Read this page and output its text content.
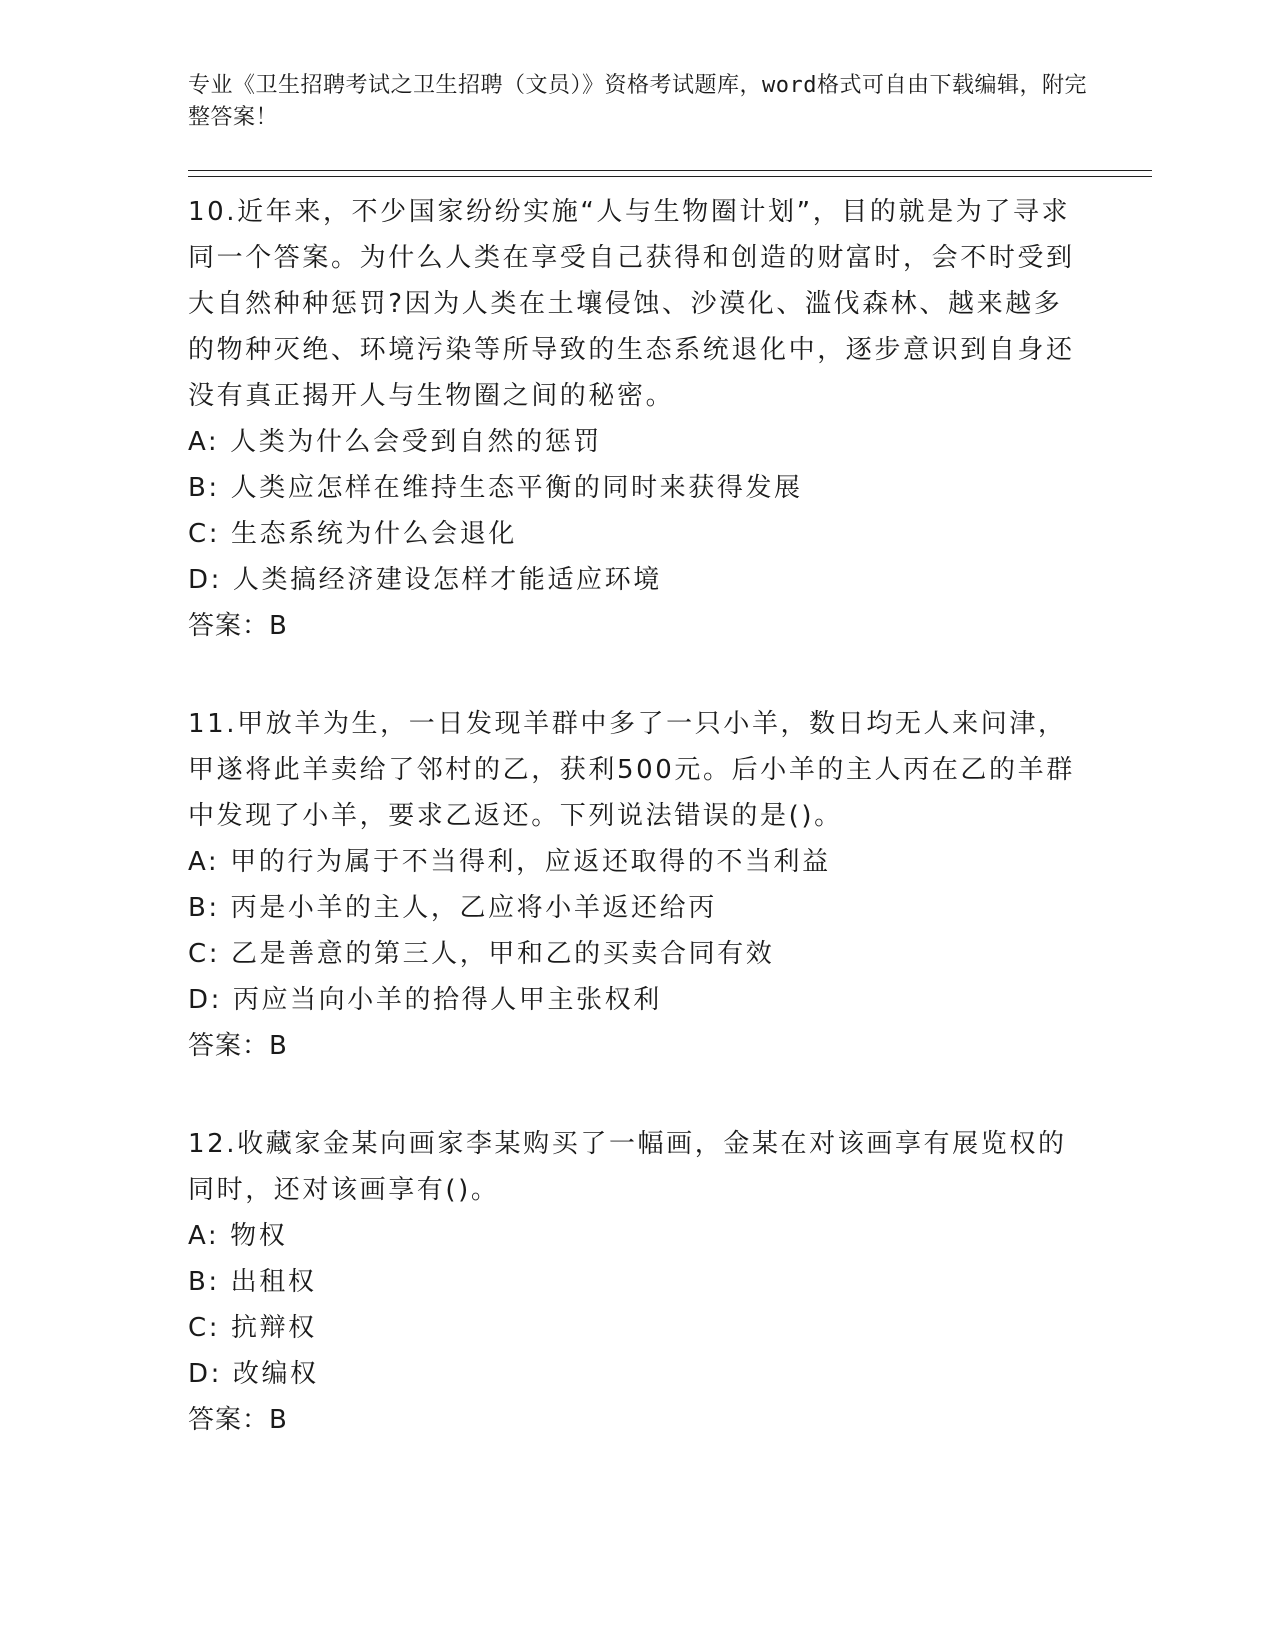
专业《卫生招聘考试之卫生招聘（文员）》资格考试题库，word格式可自由下载编辑，附完整答案！
10.近年来，不少国家纷纷实施“人与生物圈计划”，目的就是为了寻求同一个答案。为什么人类在享受自己获得和创造的财富时，会不时受到大自然种种惩罚?因为人类在土壤侵蚀、沙漠化、滥伐森林、越来越多的物种灭绝、环境污染等所导致的生态系统退化中，逐步意识到自身还没有真正揭开人与生物圈之间的秘密。
A: 人类为什么会受到自然的惩罚
B: 人类应怎样在维持生态平衡的同时来获得发展
C: 生态系统为什么会退化
D: 人类搞经济建设怎样才能适应环境
答案：B
11.甲放羊为生，一日发现羊群中多了一只小羊，数日均无人来问津，甲遂将此羊卖给了邻村的乙，获利500元。后小羊的主人丙在乙的羊群中发现了小羊，要求乙返还。下列说法错误的是()。
A: 甲的行为属于不当得利，应返还取得的不当利益
B: 丙是小羊的主人，乙应将小羊返还给丙
C: 乙是善意的第三人，甲和乙的买卖合同有效
D: 丙应当向小羊的拾得人甲主张权利
答案：B
12.收藏家金某向画家李某购买了一幅画，金某在对该画享有展览权的同时，还对该画享有()。
A: 物权
B: 出租权
C: 抗辩权
D: 改编权
答案：B
